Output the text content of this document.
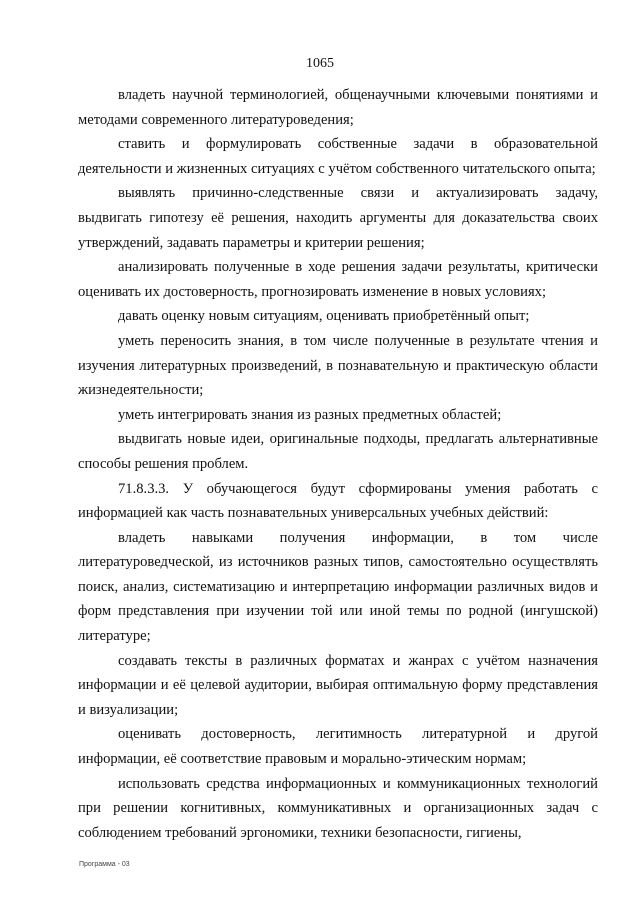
1065

владеть научной терминологией, общенаучными ключевыми понятиями и методами современного литературоведения;

ставить и формулировать собственные задачи в образовательной деятельности и жизненных ситуациях с учётом собственного читательского опыта;

выявлять причинно-следственные связи и актуализировать задачу, выдвигать гипотезу её решения, находить аргументы для доказательства своих утверждений, задавать параметры и критерии решения;

анализировать полученные в ходе решения задачи результаты, критически оценивать их достоверность, прогнозировать изменение в новых условиях;

давать оценку новым ситуациям, оценивать приобретённый опыт;

уметь переносить знания, в том числе полученные в результате чтения и изучения литературных произведений, в познавательную и практическую области жизнедеятельности;

уметь интегрировать знания из разных предметных областей;

выдвигать новые идеи, оригинальные подходы, предлагать альтернативные способы решения проблем.

71.8.3.3. У обучающегося будут сформированы умения работать с информацией как часть познавательных универсальных учебных действий:

владеть навыками получения информации, в том числе литературоведческой, из источников разных типов, самостоятельно осуществлять поиск, анализ, систематизацию и интерпретацию информации различных видов и форм представления при изучении той или иной темы по родной (ингушской) литературе;

создавать тексты в различных форматах и жанрах с учётом назначения информации и её целевой аудитории, выбирая оптимальную форму представления и визуализации;

оценивать достоверность, легитимность литературной и другой информации, её соответствие правовым и морально-этическим нормам;

использовать средства информационных и коммуникационных технологий при решении когнитивных, коммуникативных и организационных задач с соблюдением требований эргономики, техники безопасности, гигиены,

Программа - 03
